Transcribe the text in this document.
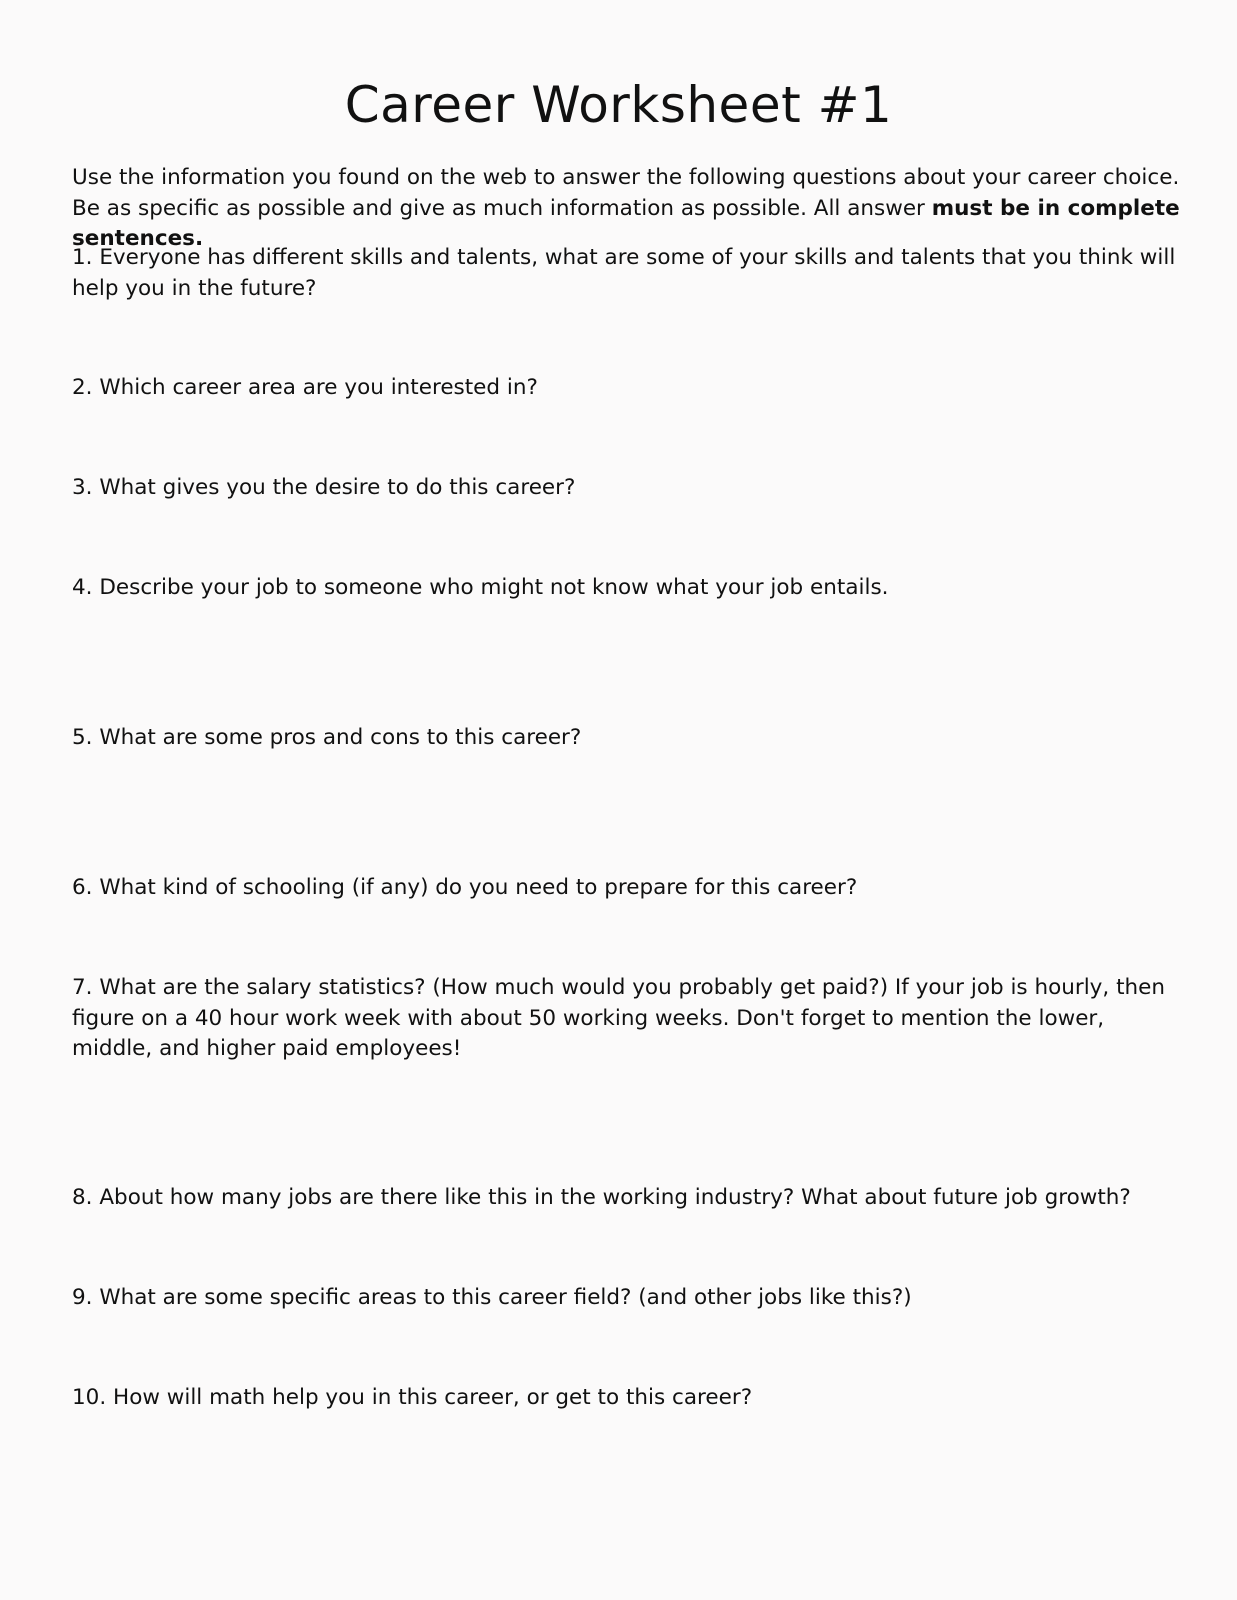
Career Worksheet #1

Use the information you found on the web to answer the following questions about your career choice. Be as specific as possible and give as much information as possible. All answer must be in complete sentences.

1. Everyone has different skills and talents, what are some of your skills and talents that you think will help you in the future?

2. Which career area are you interested in?

3. What gives you the desire to do this career?

4. Describe your job to someone who might not know what your job entails.

5. What are some pros and cons to this career?

6. What kind of schooling (if any) do you need to prepare for this career?

7. What are the salary statistics? (How much would you probably get paid?) If your job is hourly, then figure on a 40 hour work week with about 50 working weeks. Don't forget to mention the lower, middle, and higher paid employees!

8. About how many jobs are there like this in the working industry? What about future job growth?

9. What are some specific areas to this career field? (and other jobs like this?)

10. How will math help you in this career, or get to this career?
